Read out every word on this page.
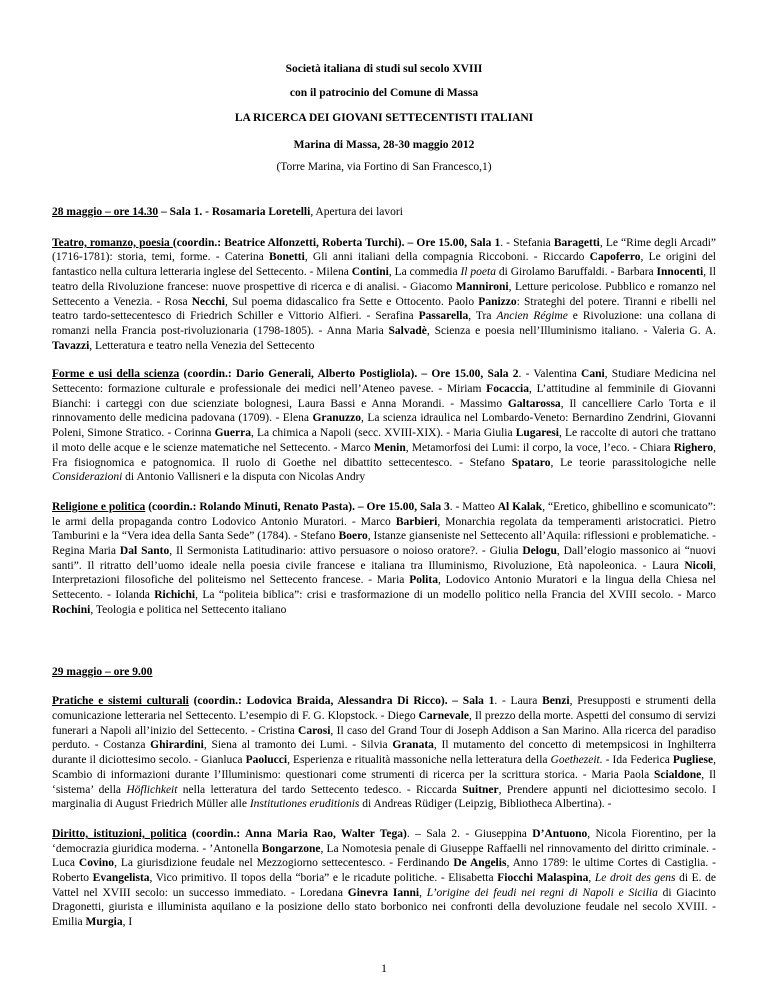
Società italiana di studi sul secolo XVIII
con il patrocinio del Comune di Massa
LA RICERCA DEI GIOVANI SETTECENTISTI ITALIANI
Marina di Massa, 28-30 maggio 2012
(Torre Marina, via Fortino di San Francesco,1)

28 maggio – ore 14.30 – Sala 1. - Rosamaria Loretelli, Apertura dei lavori

Teatro, romanzo, poesia (coordin.: Beatrice Alfonzetti, Roberta Turchi). – Ore 15.00, Sala 1. - Stefania Baragetti, Le “Rime degli Arcadi” (1716-1781): storia, temi, forme. - Caterina Bonetti, Gli anni italiani della compagnia Riccoboni. - Riccardo Capoferro, Le origini del fantastico nella cultura letteraria inglese del Settecento. - Milena Contini, La commedia Il poeta di Girolamo Baruffaldi. - Barbara Innocenti, Il teatro della Rivoluzione francese: nuove prospettive di ricerca e di analisi. - Giacomo Mannironi, Letture pericolose. Pubblico e romanzo nel Settecento a Venezia. - Rosa Necchi, Sul poema didascalico fra Sette e Ottocento. Paolo Panizzo: Strateghi del potere. Tiranni e ribelli nel teatro tardo-settecentesco di Friedrich Schiller e Vittorio Alfieri. - Serafina Passarella, Tra Ancien Régime e Rivoluzione: una collana di romanzi nella Francia post-rivoluzionaria (1798-1805). - Anna Maria Salvadè, Scienza e poesia nell’Illuminismo italiano. - Valeria G. A. Tavazzi, Letteratura e teatro nella Venezia del Settecento

Forme e usi della scienza (coordin.: Dario Generali, Alberto Postigliola). – Ore 15.00, Sala 2. - Valentina Cani, Studiare Medicina nel Settecento: formazione culturale e professionale dei medici nell’Ateneo pavese. - Miriam Focaccia, L’attitudine al femminile di Giovanni Bianchi: i carteggi con due scienziate bolognesi, Laura Bassi e Anna Morandi. - Massimo Galtarossa, Il cancelliere Carlo Torta e il rinnovamento delle medicina padovana (1709). - Elena Granuzzo, La scienza idraulica nel Lombardo-Veneto: Bernardino Zendrini, Giovanni Poleni, Simone Stratico. - Corinna Guerra, La chimica a Napoli (secc. XVIII-XIX). - Maria Giulia Lugaresi, Le raccolte di autori che trattano il moto delle acque e le scienze matematiche nel Settecento. - Marco Menin, Metamorfosi dei Lumi: il corpo, la voce, l’eco. - Chiara Righero, Fra fisiognomica e patognomica. Il ruolo di Goethe nel dibattito settecentesco. - Stefano Spataro, Le teorie parassitologiche nelle Considerazioni di Antonio Vallisneri e la disputa con Nicolas Andry

Religione e politica (coordin.: Rolando Minuti, Renato Pasta). – Ore 15.00, Sala 3. - Matteo Al Kalak, “Eretico, ghibellino e scomunicato”: le armi della propaganda contro Lodovico Antonio Muratori. - Marco Barbieri, Monarchia regolata da temperamenti aristocratici. Pietro Tamburini e la “Vera idea della Santa Sede” (1784). - Stefano Boero, Istanze gianseniste nel Settecento all’Aquila: riflessioni e problematiche. - Regina Maria Dal Santo, Il Sermonista Latitudinario: attivo persuasore o noioso oratore?. - Giulia Delogu, Dall’elogio massonico ai “nuovi santi”. Il ritratto dell’uomo ideale nella poesia civile francese e italiana tra Illuminismo, Rivoluzione, Età napoleonica. - Laura Nicoli, Interpretazioni filosofiche del politeismo nel Settecento francese. - Maria Polita, Lodovico Antonio Muratori e la lingua della Chiesa nel Settecento. - Iolanda Richichi, La “politeia biblica”: crisi e trasformazione di un modello politico nella Francia del XVIII secolo. - Marco Rochini, Teologia e politica nel Settecento italiano

29 maggio – ore 9.00

Pratiche e sistemi culturali (coordin.: Lodovica Braida, Alessandra Di Ricco). – Sala 1. - Laura Benzi, Presupposti e strumenti della comunicazione letteraria nel Settecento. L’esempio di F. G. Klopstock. - Diego Carnevale, Il prezzo della morte. Aspetti del consumo di servizi funerari a Napoli all’inizio del Settecento. - Cristina Carosi, Il caso del Grand Tour di Joseph Addison a San Marino. Alla ricerca del paradiso perduto. - Costanza Ghirardini, Siena al tramonto dei Lumi. - Silvia Granata, Il mutamento del concetto di metempsicosi in Inghilterra durante il diciottesimo secolo. - Gianluca Paolucci, Esperienza e ritualità massoniche nella letteratura della Goethezeit. - Ida Federica Pugliese, Scambio di informazioni durante l’Illuminismo: questionari come strumenti di ricerca per la scrittura storica. - Maria Paola Scialdone, Il ‘sistema’ della Höflichkeit nella letteratura del tardo Settecento tedesco. - Riccarda Suitner, Prendere appunti nel diciottesimo secolo. I marginalia di August Friedrich Müller alle Institutiones eruditionis di Andreas Rüdiger (Leipzig, Bibliotheca Albertina). -

Diritto, istituzioni, politica (coordin.: Anna Maria Rao, Walter Tega). – Sala 2. - Giuseppina D’Antuono, Nicola Fiorentino, per la ‘democrazia giuridica moderna. - ’Antonella Bongarzone, La Nomotesia penale di Giuseppe Raffaelli nel rinnovamento del diritto criminale. - Luca Covino, La giurisdizione feudale nel Mezzogiorno settecentesco. - Ferdinando De Angelis, Anno 1789: le ultime Cortes di Castiglia. - Roberto Evangelista, Vico primitivo. Il topos della “boria” e le ricadute politiche. - Elisabetta Fiocchi Malaspina, Le droit des gens di E. de Vattel nel XVIII secolo: un successo immediato. - Loredana Ginevra Ianni, L’origine dei feudi nei regni di Napoli e Sicilia di Giacinto Dragonetti, giurista e illuminista aquilano e la posizione dello stato borbonico nei confronti della devoluzione feudale nel secolo XVIII. - Emilia Murgia, I

1
